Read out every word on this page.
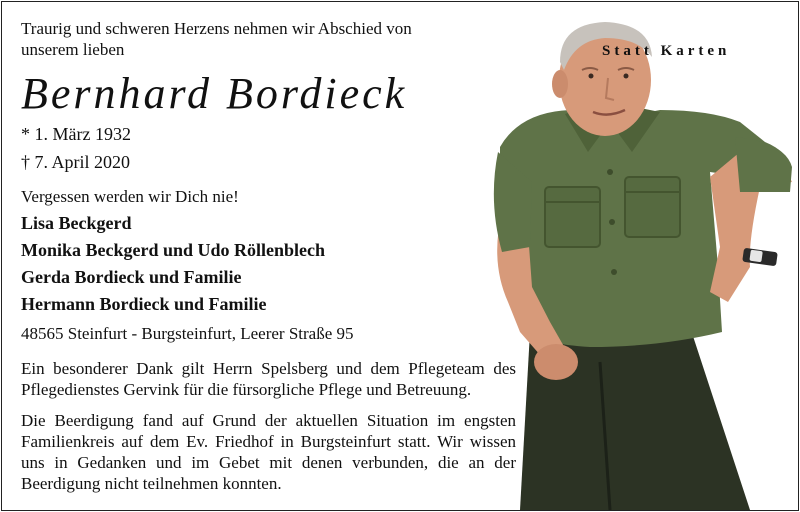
Statt Karten
Traurig und schweren Herzens nehmen wir Abschied von unserem lieben
Bernhard Bordieck
* 1. März 1932
† 7. April 2020
Vergessen werden wir Dich nie!
Lisa Beckgerd
Monika Beckgerd und Udo Röllenblech
Gerda Bordieck und Familie
Hermann Bordieck und Familie
48565 Steinfurt - Burgsteinfurt, Leerer Straße 95
Ein besonderer Dank gilt Herrn Spelsberg und dem Pflegeteam des Pflegedienstes Gervink für die fürsorgliche Pflege und Betreuung.
Die Beerdigung fand auf Grund der aktuellen Situation im engsten Familienkreis auf dem Ev. Friedhof in Burgsteinfurt statt. Wir wissen uns in Gedanken und im Gebet mit denen verbunden, die an der Beerdigung nicht teilnehmen konnten.
